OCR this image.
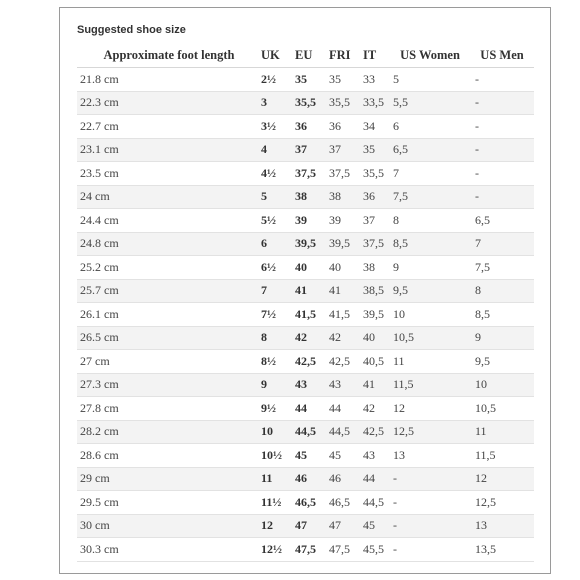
Suggested shoe size
Approximate foot length	UK	EU	FRI	IT	US Women	US Men
21.8 cm	2½	35	35	33	5	-
22.3 cm	3	35,5	35,5	33,5	5,5	-
22.7 cm	3½	36	36	34	6	-
23.1 cm	4	37	37	35	6,5	-
23.5 cm	4½	37,5	37,5	35,5	7	-
24 cm	5	38	38	36	7,5	-
24.4 cm	5½	39	39	37	8	6,5
24.8 cm	6	39,5	39,5	37,5	8,5	7
25.2 cm	6½	40	40	38	9	7,5
25.7 cm	7	41	41	38,5	9,5	8
26.1 cm	7½	41,5	41,5	39,5	10	8,5
26.5 cm	8	42	42	40	10,5	9
27 cm	8½	42,5	42,5	40,5	11	9,5
27.3 cm	9	43	43	41	11,5	10
27.8 cm	9½	44	44	42	12	10,5
28.2 cm	10	44,5	44,5	42,5	12,5	11
28.6 cm	10½	45	45	43	13	11,5
29 cm	11	46	46	44	-	12
29.5 cm	11½	46,5	46,5	44,5	-	12,5
30 cm	12	47	47	45	-	13
30.3 cm	12½	47,5	47,5	45,5	-	13,5
